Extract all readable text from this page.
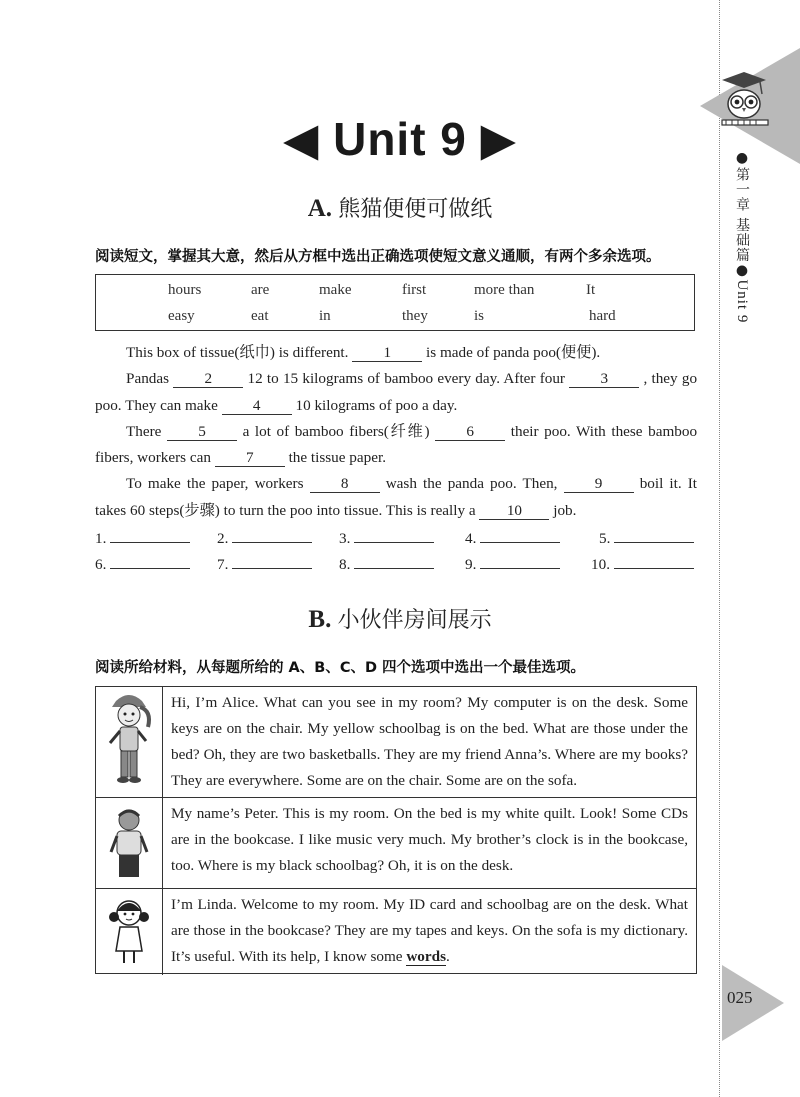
●第一章 基础篇●Unit 9
025
◀ Unit 9 ▶
A. 熊猫便便可做纸
阅读短文，掌握其大意，然后从方框中选出正确选项使短文意义通顺，有两个多余选项。
hours	are	make	first	more than	It
easy	eat	in	they	is	hard

This box of tissue(纸巾) is different. 1 is made of panda poo(便便).

Pandas 2 12 to 15 kilograms of bamboo every day. After four 3 , they go poo. They can make 4 10 kilograms of poo a day.

There 5 a lot of bamboo fibers(纤维) 6 their poo. With these bamboo fibers, workers can 7 the tissue paper.

To make the paper, workers 8 wash the panda poo. Then, 9 boil it. It takes 60 steps(步骤) to turn the poo into tissue. This is really a 10 job.

1.	2.	3.	4.	5.
6.	7.	8.	9.	10.
B. 小伙伴房间展示
阅读所给材料，从每题所给的 A、B、C、D 四个选项中选出一个最佳选项。
Hi, I’m Alice. What can you see in my room? My computer is on the desk. Some keys are on the chair. My yellow schoolbag is on the bed. What are those under the bed? Oh, they are two basketballs. They are my friend Anna’s. Where are my books? They are everywhere. Some are on the chair. Some are on the sofa.
My name’s Peter. This is my room. On the bed is my white quilt. Look! Some CDs are in the bookcase. I like music very much. My brother’s clock is in the bookcase, too. Where is my black schoolbag? Oh, it is on the desk.
I’m Linda. Welcome to my room. My ID card and schoolbag are on the desk. What are those in the bookcase? They are my tapes and keys. On the sofa is my dictionary. It’s useful. With its help, I know some words.
